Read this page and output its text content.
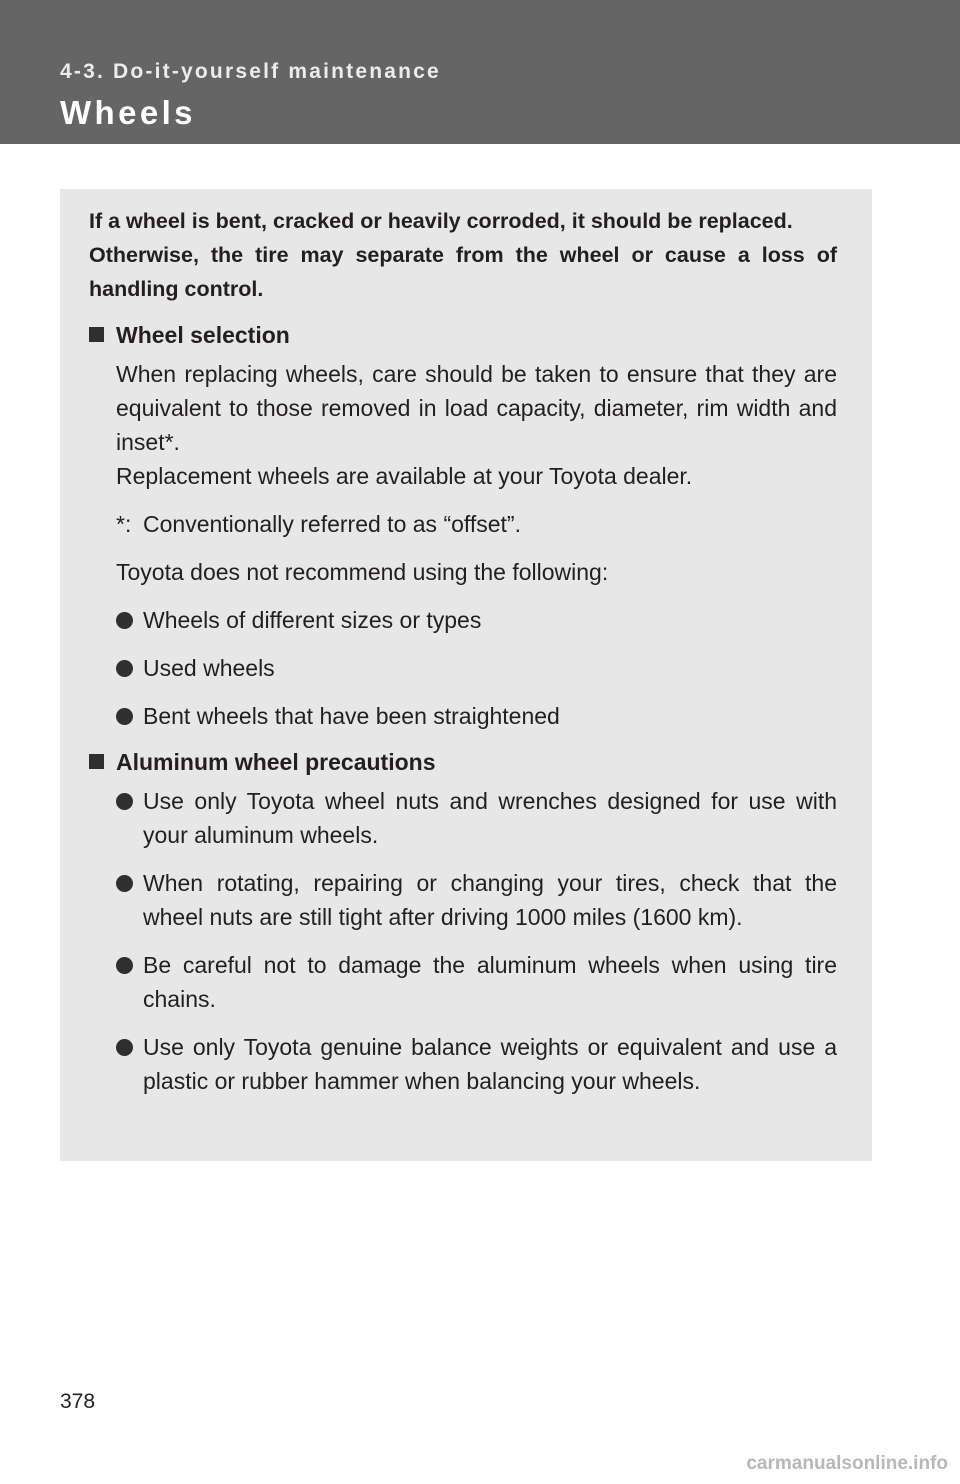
4-3. Do-it-yourself maintenance

Wheels

If a wheel is bent, cracked or heavily corroded, it should be replaced.

Otherwise, the tire may separate from the wheel or cause a loss of handling control.

Wheel selection

When replacing wheels, care should be taken to ensure that they are equivalent to those removed in load capacity, diameter, rim width and inset*.

Replacement wheels are available at your Toyota dealer.

*: Conventionally referred to as “offset”.

Toyota does not recommend using the following:

Wheels of different sizes or types
Used wheels
Bent wheels that have been straightened
Aluminum wheel precautions
Use only Toyota wheel nuts and wrenches designed for use with your aluminum wheels.
When rotating, repairing or changing your tires, check that the wheel nuts are still tight after driving 1000 miles (1600 km).
Be careful not to damage the aluminum wheels when using tire chains.
Use only Toyota genuine balance weights or equivalent and use a plastic or rubber hammer when balancing your wheels.

378

carmanualsonline.info
